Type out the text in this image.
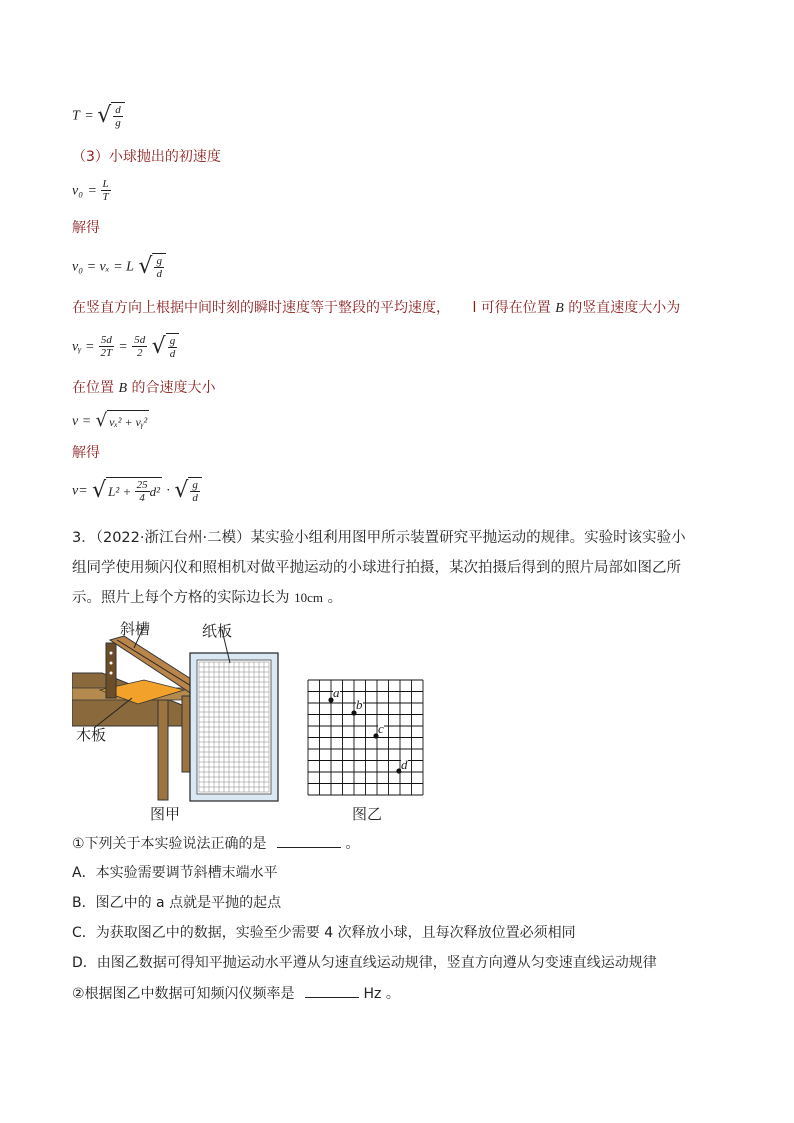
T = √ $\frac{d}{g}$
（3）小球抛出的初速度
$v_0 = \frac{L}{T}$
解得
v₀ = vₓ = L √ $\frac{g}{d}$
在竖直方向上根据中间时刻的瞬时速度等于整段的平均速度， l 可得在位置 B 的竖直速度大小为
vᵧ = $\frac{5d}{2T} = \frac{5d}{2}$
√ $\frac{g}{d}$
在位置 B 的合速度大小
v = √ vₓ² + vᵧ²
解得
v= √ L² +
$\frac{25}{4} d^2$ · √ $\frac{g}{d}$
3．（2022·浙江台州·二模）某实验小组利用图甲所示装置研究平抛运动的规律。实验时该实验小
组同学使用频闪仪和照相机对做平抛运动的小球进行拍摄，某次拍摄后得到的照片局部如图乙所
示。照片上每个方格的实际边长为 10cm 。
斜槽	纸板
木板
图甲
a
b
c
d
图乙
①下列关于本实验说法正确的是	。
A．本实验需要调节斜槽末端水平
B．图乙中的 a 点就是平抛的起点
C．为获取图乙中的数据，实验至少需要 4 次释放小球，且每次释放位置必须相同
D．由图乙数据可得知平抛运动水平遵从匀速直线运动规律，竖直方向遵从匀变速直线运动规律
②根据图乙中数据可知频闪仪频率是	Hz 。
